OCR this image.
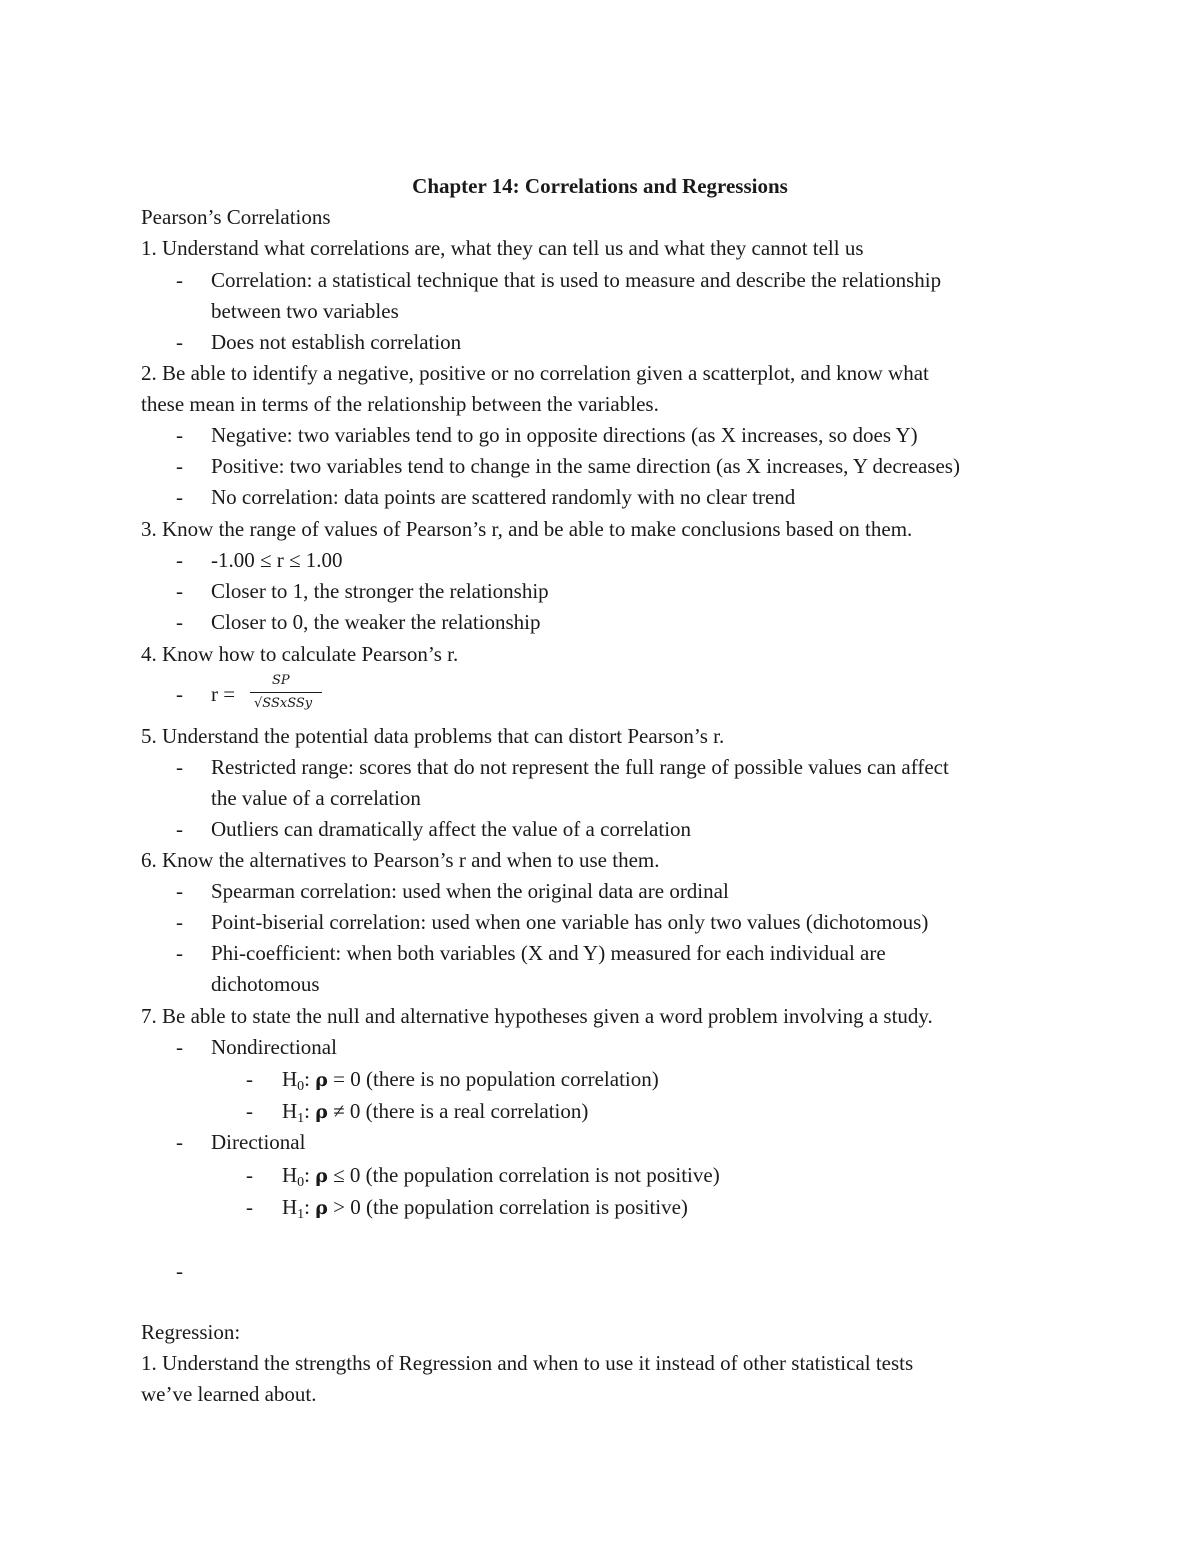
Chapter 14: Correlations and Regressions
Pearson’s Correlations
1. Understand what correlations are, what they can tell us and what they cannot tell us
- Correlation: a statistical technique that is used to measure and describe the relationship
between two variables
- Does not establish correlation
2. Be able to identify a negative, positive or no correlation given a scatterplot, and know what
these mean in terms of the relationship between the variables.
- Negative: two variables tend to go in opposite directions (as X increases, so does Y)
- Positive: two variables tend to change in the same direction (as X increases, Y decreases)
- No correlation: data points are scattered randomly with no clear trend
3. Know the range of values of Pearson’s r, and be able to make conclusions based on them.
- -1.00 ≤ r ≤ 1.00
- Closer to 1, the stronger the relationship
- Closer to 0, the weaker the relationship
4. Know how to calculate Pearson’s r.
- r =
SP
√SSxSSy
5. Understand the potential data problems that can distort Pearson’s r.
- Restricted range: scores that do not represent the full range of possible values can affect
the value of a correlation
- Outliers can dramatically affect the value of a correlation
6. Know the alternatives to Pearson’s r and when to use them.
- Spearman correlation: used when the original data are ordinal
- Point-biserial correlation: used when one variable has only two values (dichotomous)
- Phi-coefficient: when both variables (X and Y) measured for each individual are
dichotomous
7. Be able to state the null and alternative hypotheses given a word problem involving a study.
- Nondirectional
- $H_0$: ρ = 0 (there is no population correlation)
- $H_1$: ρ ≠ 0 (there is a real correlation)
- Directional
- $H_0$: ρ ≤ 0 (the population correlation is not positive)
- $H_1$: ρ > 0 (the population correlation is positive)
-
Regression:
1. Understand the strengths of Regression and when to use it instead of other statistical tests
we’ve learned about.
